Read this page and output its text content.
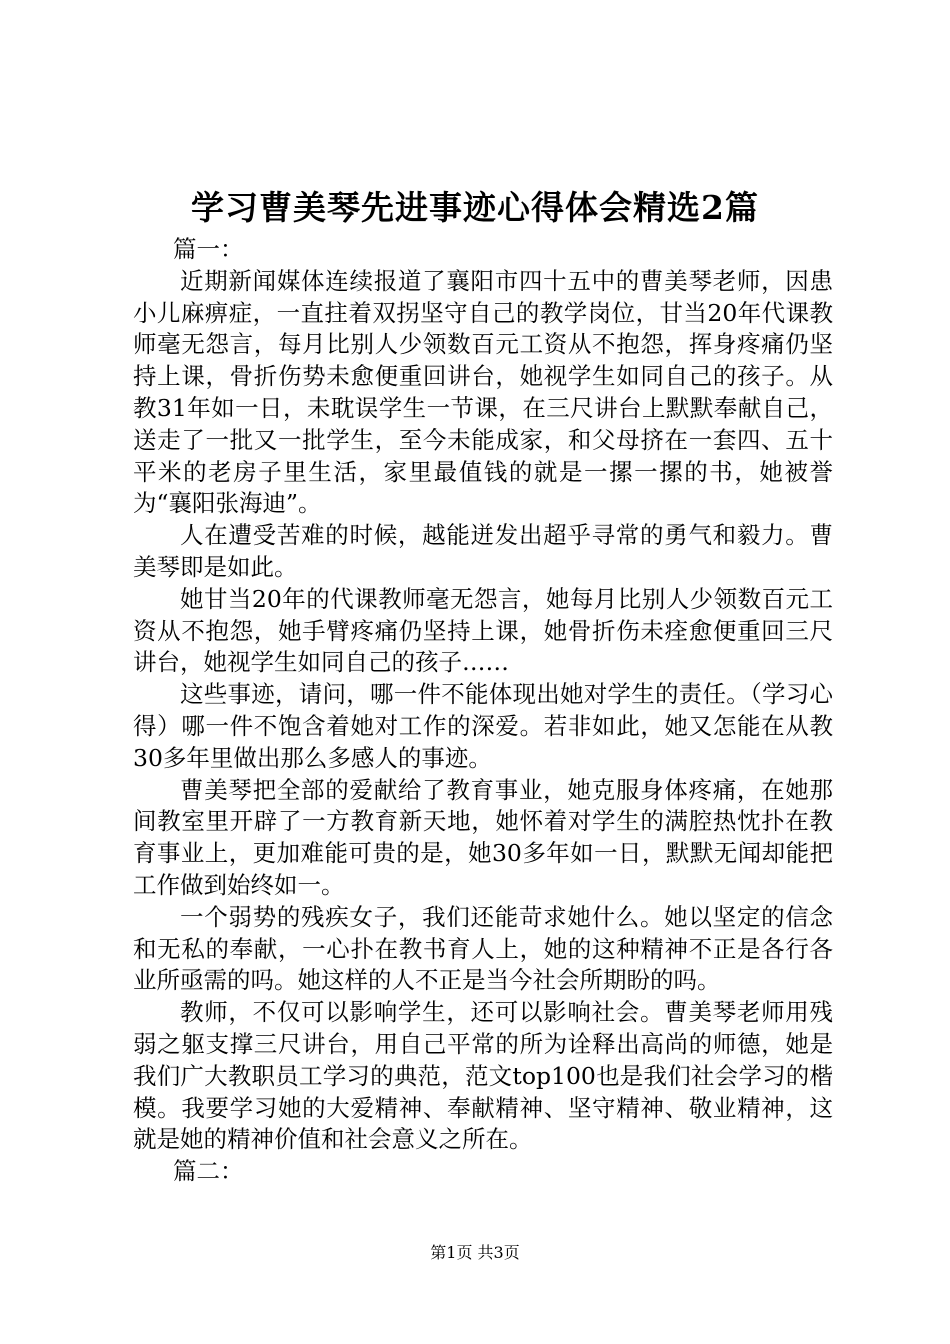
学习曹美琴先进事迹心得体会精选2篇

篇一：

近期新闻媒体连续报道了襄阳市四十五中的曹美琴老师，因患小儿麻痹症，一直拄着双拐坚守自己的教学岗位，甘当20年代课教师毫无怨言，每月比别人少领数百元工资从不抱怨，挥身疼痛仍坚持上课，骨折伤势未愈便重回讲台，她视学生如同自己的孩子。从教31年如一日，未耽误学生一节课，在三尺讲台上默默奉献自己，送走了一批又一批学生，至今未能成家，和父母挤在一套四、五十平米的老房子里生活，家里最值钱的就是一摞一摞的书，她被誉为“襄阳张海迪”。

人在遭受苦难的时候，越能迸发出超乎寻常的勇气和毅力。曹美琴即是如此。

她甘当20年的代课教师毫无怨言，她每月比别人少领数百元工资从不抱怨，她手臂疼痛仍坚持上课，她骨折伤未痊愈便重回三尺讲台，她视学生如同自己的孩子……

这些事迹，请问，哪一件不能体现出她对学生的责任。（学习心得）哪一件不饱含着她对工作的深爱。若非如此，她又怎能在从教30多年里做出那么多感人的事迹。

曹美琴把全部的爱献给了教育事业，她克服身体疼痛，在她那间教室里开辟了一方教育新天地，她怀着对学生的满腔热忱扑在教育事业上，更加难能可贵的是，她30多年如一日，默默无闻却能把工作做到始终如一。

一个弱势的残疾女子，我们还能苛求她什么。她以坚定的信念和无私的奉献，一心扑在教书育人上，她的这种精神不正是各行各业所亟需的吗。她这样的人不正是当今社会所期盼的吗。

教师，不仅可以影响学生，还可以影响社会。曹美琴老师用残弱之躯支撑三尺讲台，用自己平常的所为诠释出高尚的师德，她是我们广大教职员工学习的典范，范文top100也是我们社会学习的楷模。我要学习她的大爱精神、奉献精神、坚守精神、敬业精神，这就是她的精神价值和社会意义之所在。

篇二：

第1页 共3页
